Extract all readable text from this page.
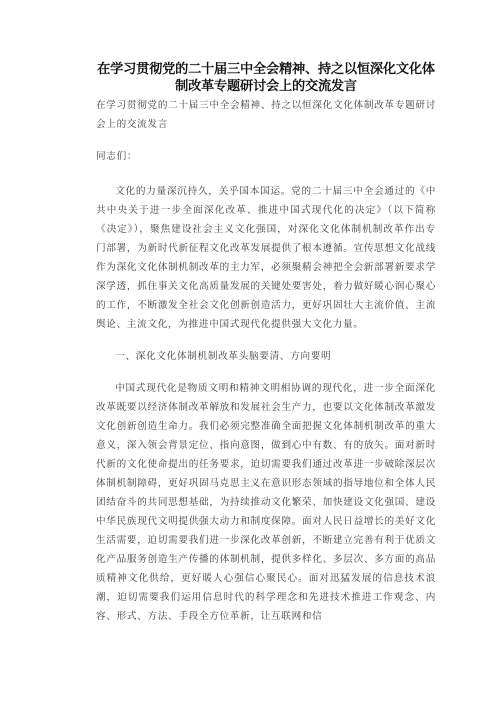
在学习贯彻党的二十届三中全会精神、持之以恒深化文化体制改革专题研讨会上的交流发言

在学习贯彻党的二十届三中全会精神、持之以恒深化文化体制改革专题研讨会上的交流发言

同志们：

文化的力量深沉持久，关乎国本国运。党的二十届三中全会通过的《中共中央关于进一步全面深化改革、推进中国式现代化的决定》（以下简称《决定》），聚焦建设社会主义文化强国，对深化文化体制机制改革作出专门部署，为新时代新征程文化改革发展提供了根本遵循。宣传思想文化战线作为深化文化体制机制改革的主力军，必须聚精会神把全会新部署新要求学深学透，抓住事关文化高质量发展的关键处要害处，着力做好暖心润心聚心的工作，不断激发全社会文化创新创造活力，更好巩固壮大主流价值、主流舆论、主流文化，为推进中国式现代化提供强大文化力量。

一、深化文化体制机制改革头脑要清、方向要明

中国式现代化是物质文明和精神文明相协调的现代化，进一步全面深化改革既要以经济体制改革解放和发展社会生产力，也要以文化体制改革激发文化创新创造生命力。我们必须完整准确全面把握文化体制机制改革的重大意义，深入领会背景定位、指向意图，做到心中有数、有的放矢。面对新时代新的文化使命提出的任务要求，迫切需要我们通过改革进一步破除深层次体制机制障碍，更好巩固马克思主义在意识形态领域的指导地位和全体人民团结奋斗的共同思想基础，为持续推动文化繁荣、加快建设文化强国、建设中华民族现代文明提供强大动力和制度保障。面对人民日益增长的美好文化生活需要，迫切需要我们进一步深化改革创新，不断建立完善有利于优质文化产品服务创造生产传播的体制机制，提供多样化、多层次、多方面的高品质精神文化供给，更好暖人心强信心聚民心。面对迅猛发展的信息技术浪潮，迫切需要我们运用信息时代的科学理念和先进技术推进工作观念、内容、形式、方法、手段全方位革新，让互联网和信
